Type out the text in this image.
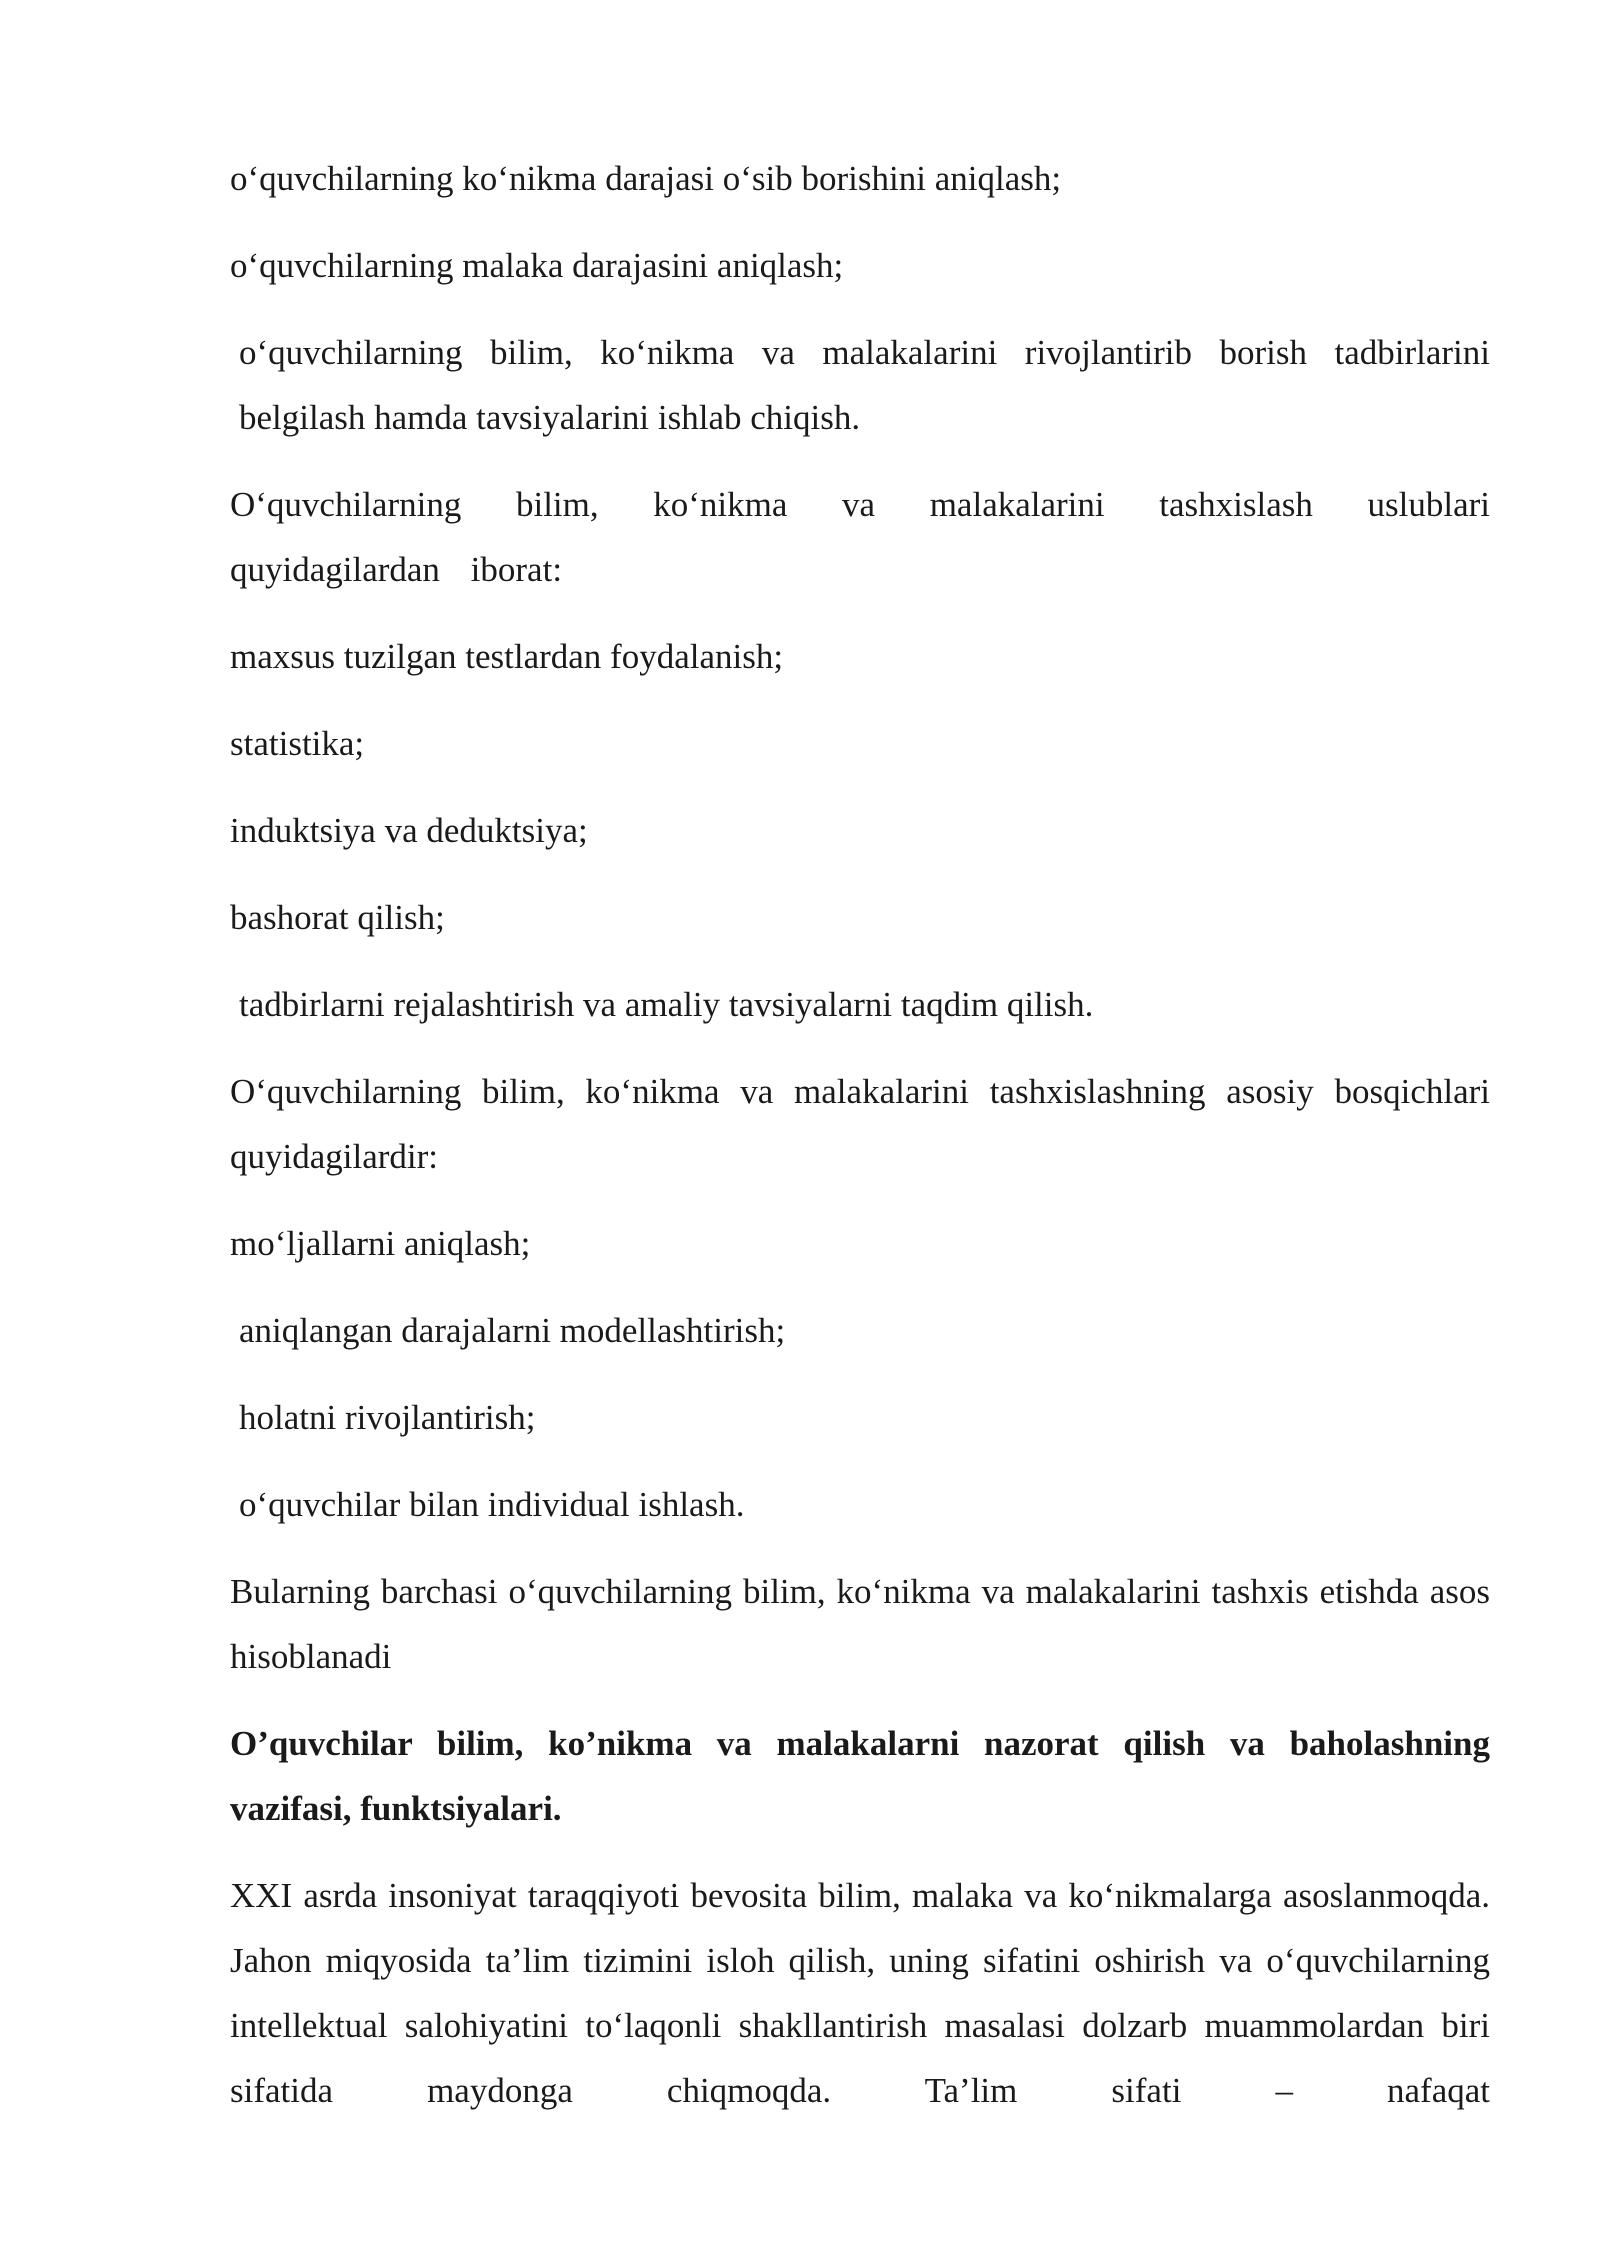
o‘quvchilarning ko‘nikma darajasi o‘sib borishini aniqlash;

o‘quvchilarning malaka darajasini aniqlash;

o‘quvchilarning bilim, ko‘nikma va malakalarini rivojlantirib borish tadbirlarini belgilash hamda tavsiyalarini ishlab chiqish.

O‘quvchilarning bilim, ko‘nikma va malakalarini tashxislash uslublari quyidagilardan iborat:

maxsus tuzilgan testlardan foydalanish;

statistika;

induktsiya va deduktsiya;

bashorat qilish;

tadbirlarni rejalashtirish va amaliy tavsiyalarni taqdim qilish.

O‘quvchilarning bilim, ko‘nikma va malakalarini tashxislashning asosiy bosqichlari quyidagilardir:

mo‘ljallarni aniqlash;

aniqlangan darajalarni modellashtirish;

holatni rivojlantirish;

o‘quvchilar bilan individual ishlash.

Bularning barchasi o‘quvchilarning bilim, ko‘nikma va malakalarini tashxis etishda asos hisoblanadi

O’quvchilar bilim, ko’nikma va malakalarni nazorat qilish va baholashning vazifasi, funktsiyalari.

XXI asrda insoniyat taraqqiyoti bevosita bilim, malaka va ko‘nikmalarga asoslanmoqda. Jahon miqyosida ta’lim tizimini isloh qilish, uning sifatini oshirish va o‘quvchilarning intellektual salohiyatini to‘laqonli shakllantirish masalasi dolzarb muammolardan biri sifatida maydonga chiqmoqda. Ta’lim sifati – nafaqat
